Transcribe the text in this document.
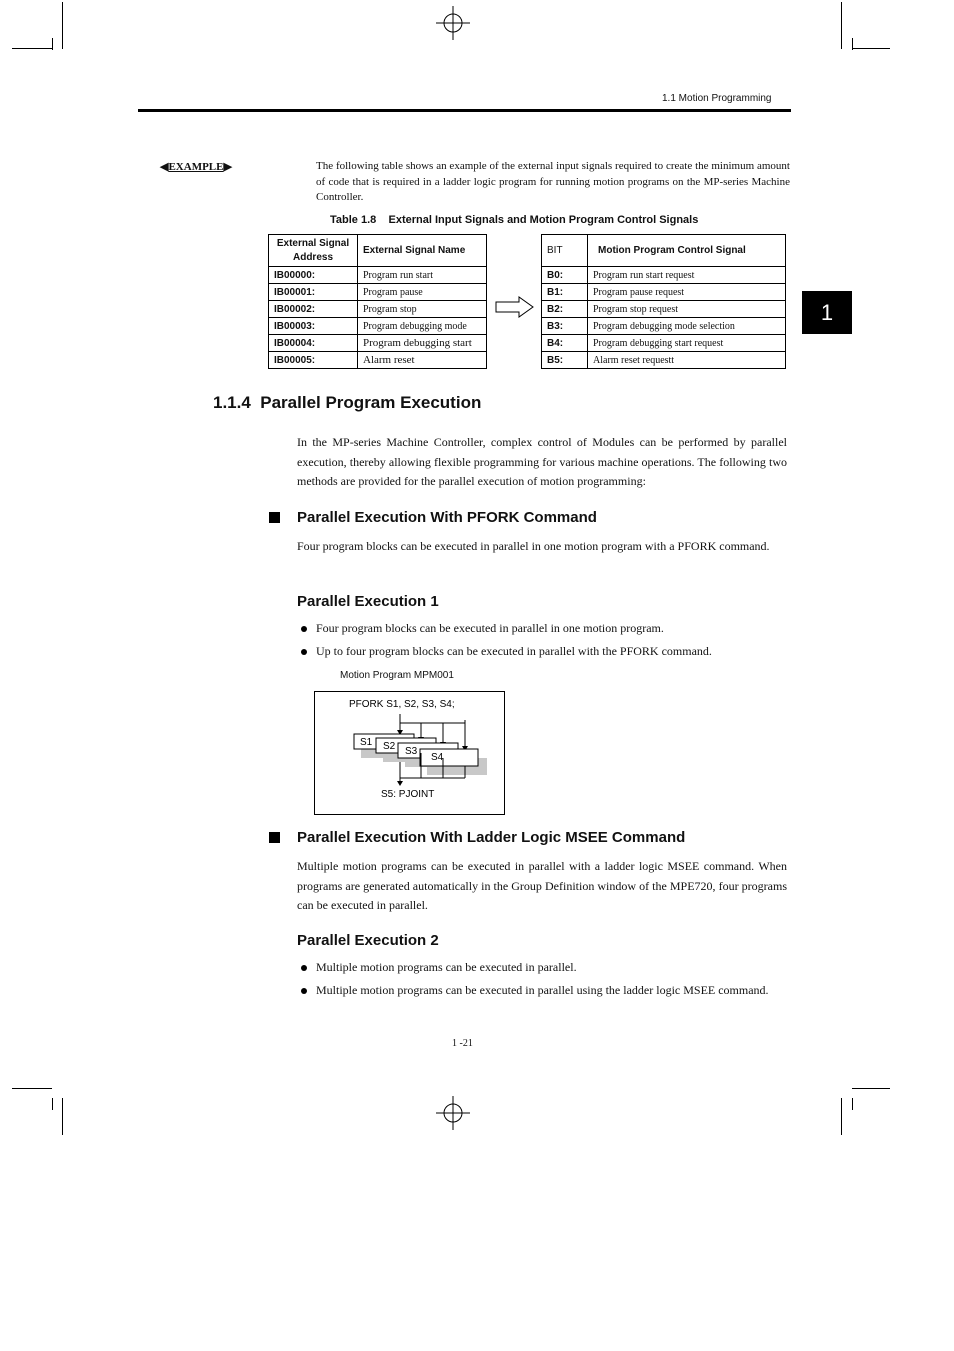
1.1 Motion Programming
1
◀EXAMPLE▶	The following table shows an example of the external input signals required to create the minimum amount of code that is required in a ladder logic program for running motion programs on the MP-series Machine Controller.
Table 1.8    External Input Signals and Motion Program Control Signals
External Signal Address	External Signal Name
IB00000:	Program run start
IB00001:	Program pause
IB00002:	Program stop
IB00003:	Program debugging mode
IB00004:	Program debugging start
IB00005:	Alarm reset
BIT	Motion Program Control Signal
B0:	Program run start request
B1:	Program pause request
B2:	Program stop request
B3:	Program debugging mode selection
B4:	Program debugging start request
B5:	Alarm reset requestt
1.1.4  Parallel Program Execution
In the MP-series Machine Controller, complex control of Modules can be performed by parallel execution, thereby allowing flexible programming for various machine operations. The following two methods are provided for the parallel execution of motion programming:
Parallel Execution With PFORK Command
Four program blocks can be executed in parallel in one motion program with a PFORK command.
Parallel Execution 1
Four program blocks can be executed in parallel in one motion program.
Up to four program blocks can be executed in parallel with the PFORK command.
Motion Program MPM001
PFORK S1, S2, S3, S4;
S1 S2 S3
S4
S5: PJOINT
Parallel Execution With Ladder Logic MSEE Command
Multiple motion programs can be executed in parallel with a ladder logic MSEE command. When programs are generated automatically in the Group Definition window of the MPE720, four programs can be executed in parallel.
Parallel Execution 2
Multiple motion programs can be executed in parallel.
Multiple motion programs can be executed in parallel using the ladder logic MSEE command.
1 -21
